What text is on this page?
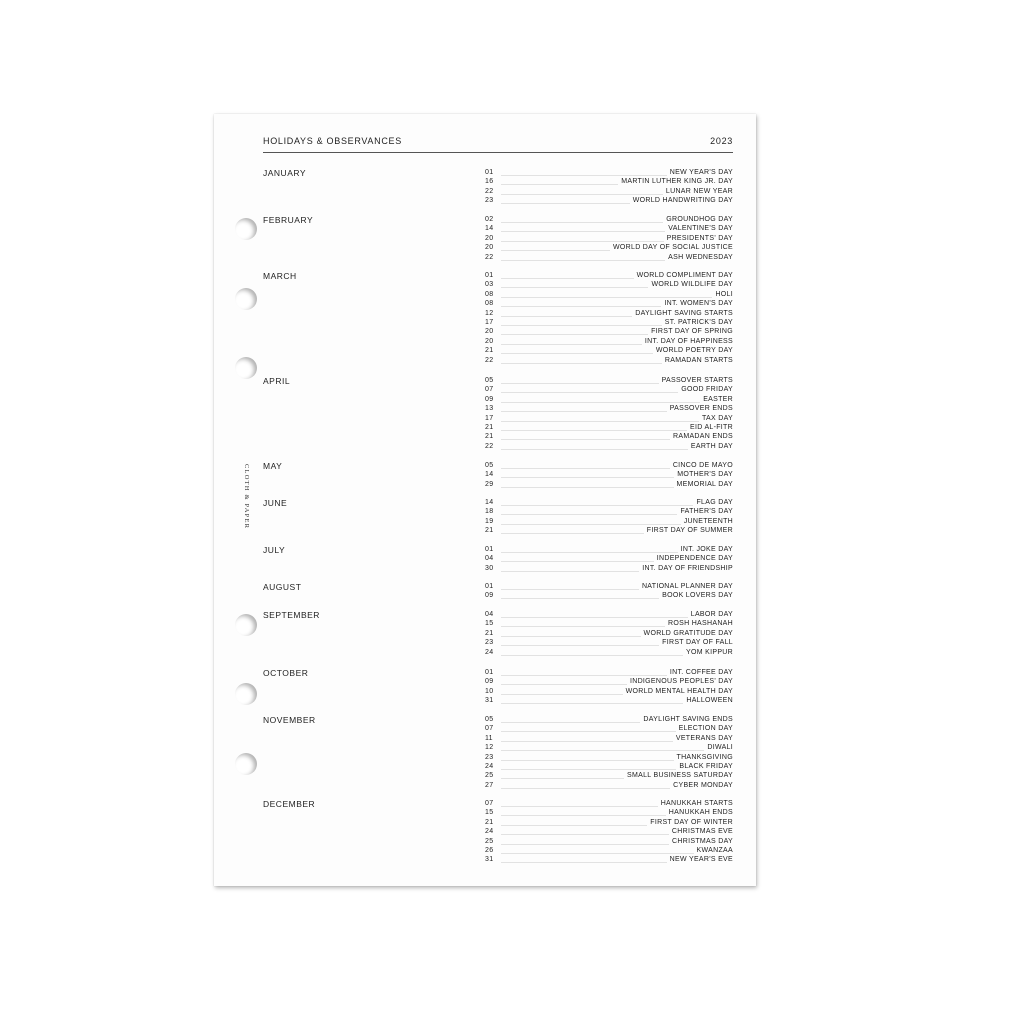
HOLIDAYS & OBSERVANCES	2023
CLOTH & PAPER
JANUARY	01	NEW YEAR'S DAY
16	MARTIN LUTHER KING JR. DAY
22	LUNAR NEW YEAR
23	WORLD HANDWRITING DAY
FEBRUARY	02	GROUNDHOG DAY
14	VALENTINE'S DAY
20	PRESIDENTS' DAY
20	WORLD DAY OF SOCIAL JUSTICE
22	ASH WEDNESDAY
MARCH	01	WORLD COMPLIMENT DAY
03	WORLD WILDLIFE DAY
08	HOLI
08	INT. WOMEN'S DAY
12	DAYLIGHT SAVING STARTS
17	ST. PATRICK'S DAY
20	FIRST DAY OF SPRING
20	INT. DAY OF HAPPINESS
21	WORLD POETRY DAY
22	RAMADAN STARTS
APRIL	05	PASSOVER STARTS
07	GOOD FRIDAY
09	EASTER
13	PASSOVER ENDS
17	TAX DAY
21	EID AL-FITR
21	RAMADAN ENDS
22	EARTH DAY
MAY	05	CINCO DE MAYO
14	MOTHER'S DAY
29	MEMORIAL DAY
JUNE	14	FLAG DAY
18	FATHER'S DAY
19	JUNETEENTH
21	FIRST DAY OF SUMMER
JULY	01	INT. JOKE DAY
04	INDEPENDENCE DAY
30	INT. DAY OF FRIENDSHIP
AUGUST	01	NATIONAL PLANNER DAY
09	BOOK LOVERS DAY
SEPTEMBER	04	LABOR DAY
15	ROSH HASHANAH
21	WORLD GRATITUDE DAY
23	FIRST DAY OF FALL
24	YOM KIPPUR
OCTOBER	01	INT. COFFEE DAY
09	INDIGENOUS PEOPLES' DAY
10	WORLD MENTAL HEALTH DAY
31	HALLOWEEN
NOVEMBER	05	DAYLIGHT SAVING ENDS
07	ELECTION DAY
11	VETERANS DAY
12	DIWALI
23	THANKSGIVING
24	BLACK FRIDAY
25	SMALL BUSINESS SATURDAY
27	CYBER MONDAY
DECEMBER	07	HANUKKAH STARTS
15	HANUKKAH ENDS
21	FIRST DAY OF WINTER
24	CHRISTMAS EVE
25	CHRISTMAS DAY
26	KWANZAA
31	NEW YEAR'S EVE
